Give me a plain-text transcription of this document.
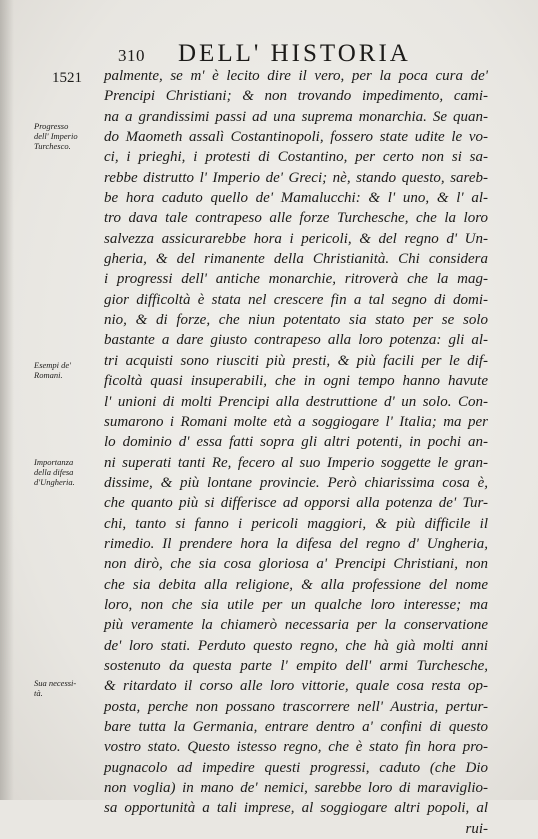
310 DELL' HISTORIA
1521
Progresso
dell' Imperio
Turchesco.
Esempi de'
Romani.
Importanza
della difesa
d'Ungheria.
Sua necessi-
tà.
palmente, se m' è lecito dire il vero, per la poca cura de'
Prencipi Christiani; & non trovando impedimento, cami-
na a grandissimi passi ad una suprema monarchia. Se quan-
do Maometh assalì Costantinopoli, fossero state udite le vo-
ci, i prieghi, i protesti di Costantino, per certo non si sa-
rebbe distrutto l' Imperio de' Greci; nè, stando questo, sareb-
be hora caduto quello de' Mamalucchi: & l' uno, & l' al-
tro dava tale contrapeso alle forze Turchesche, che la loro
salvezza assicurarebbe hora i pericoli, & del regno d' Un-
gheria, & del rimanente della Christianità. Chi considera
i progressi dell' antiche monarchie, ritroverà che la mag-
gior difficoltà è stata nel crescere fin a tal segno di domi-
nio, & di forze, che niun potentato sia stato per se solo
bastante a dare giusto contrapeso alla loro potenza: gli al-
tri acquisti sono riusciti più presti, & più facili per le dif-
ficoltà quasi insuperabili, che in ogni tempo hanno havute
l' unioni di molti Prencipi alla destruttione d' un solo. Con-
sumarono i Romani molte età a soggiogare l' Italia; ma per
lo dominio d' essa fatti sopra gli altri potenti, in pochi an-
ni superati tanti Re, fecero al suo Imperio soggette le gran-
dissime, & più lontane provincie. Però chiarissima cosa è,
che quanto più si differisce ad opporsi alla potenza de' Tur-
chi, tanto si fanno i pericoli maggiori, & più difficile il
rimedio. Il prendere hora la difesa del regno d' Ungheria,
non dirò, che sia cosa gloriosa a' Prencipi Christiani, non
che sia debita alla religione, & alla professione del nome
loro, non che sia utile per un qualche loro interesse; ma
più veramente la chiamerò necessaria per la conservatione
de' loro stati. Perduto questo regno, che hà già molti anni
sostenuto da questa parte l' empito dell' armi Turchesche,
& ritardato il corso alle loro vittorie, quale cosa resta op-
posta, perche non possano trascorrere nell' Austria, pertur-
bare tutta la Germania, entrare dentro a' confini di questo
vostro stato. Questo istesso regno, che è stato fin hora pro-
pugnacolo ad impedire questi progressi, caduto (che Dio
non voglia) in mano de' nemici, sarebbe loro di maraviglio-
sa opportunità a tali imprese, al soggiogare altri popoli, al
rui-
